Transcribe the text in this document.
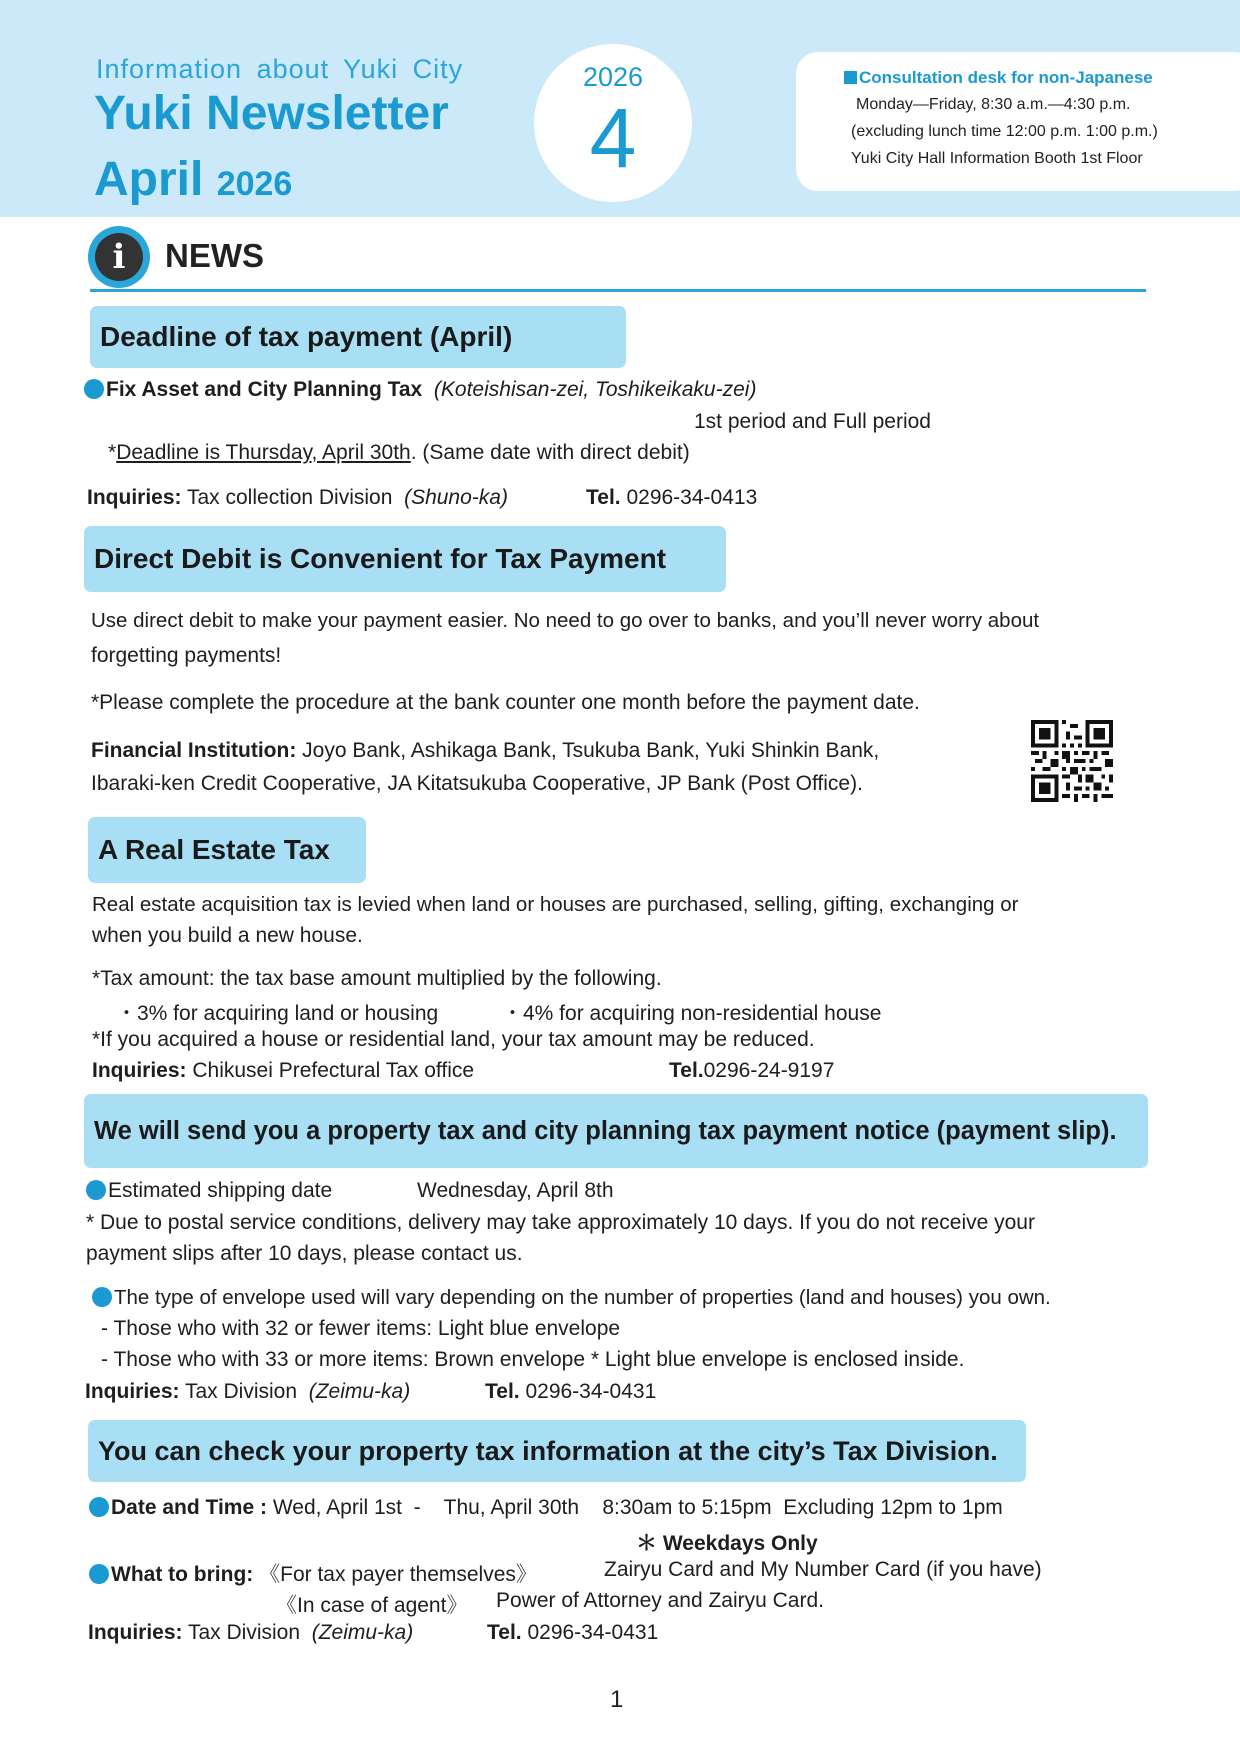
Information about Yuki City
Yuki Newsletter
April 2026
2026
4
Consultation desk for non-Japanese
Monday—Friday, 8:30 a.m.—4:30 p.m.
(excluding lunch time 12:00 p.m. 1:00 p.m.)
Yuki City Hall Information Booth 1st Floor
i	NEWS
Deadline of tax payment (April)
Fix Asset and City Planning Tax (Koteishisan-zei, Toshikeikaku-zei)
1st period and Full period
*Deadline is Thursday, April 30th. (Same date with direct debit)
Inquiries: Tax collection Division (Shuno-ka)	Tel. 0296-34-0413
Direct Debit is Convenient for Tax Payment
Use direct debit to make your payment easier. No need to go over to banks, and you’ll never worry about
forgetting payments!
*Please complete the procedure at the bank counter one month before the payment date.
Financial Institution: Joyo Bank, Ashikaga Bank, Tsukuba Bank, Yuki Shinkin Bank,
Ibaraki-ken Credit Cooperative, JA Kitatsukuba Cooperative, JP Bank (Post Office).
A Real Estate Tax
Real estate acquisition tax is levied when land or houses are purchased, selling, gifting, exchanging or
when you build a new house.
*Tax amount: the tax base amount multiplied by the following.
・3% for acquiring land or housing	・4% for acquiring non-residential house
*If you acquired a house or residential land, your tax amount may be reduced.
Inquiries: Chikusei Prefectural Tax office	Tel.0296-24-9197
We will send you a property tax and city planning tax payment notice (payment slip).
Estimated shipping date	Wednesday, April 8th
* Due to postal service conditions, delivery may take approximately 10 days. If you do not receive your
payment slips after 10 days, please contact us.
The type of envelope used will vary depending on the number of properties (land and houses) you own.
- Those who with 32 or fewer items: Light blue envelope
- Those who with 33 or more items: Brown envelope * Light blue envelope is enclosed inside.
Inquiries: Tax Division (Zeimu-ka)	Tel. 0296-34-0431
You can check your property tax information at the city’s Tax Division.
Date and Time : Wed, April 1st  -    Thu, April 30th    8:30am to 5:15pm  Excluding 12pm to 1pm
＊ Weekdays Only
What to bring: 《For tax payer themselves》	Zairyu Card and My Number Card (if you have)
《In case of agent》 Power of Attorney and Zairyu Card.
Inquiries: Tax Division (Zeimu-ka)	Tel. 0296-34-0431
1
